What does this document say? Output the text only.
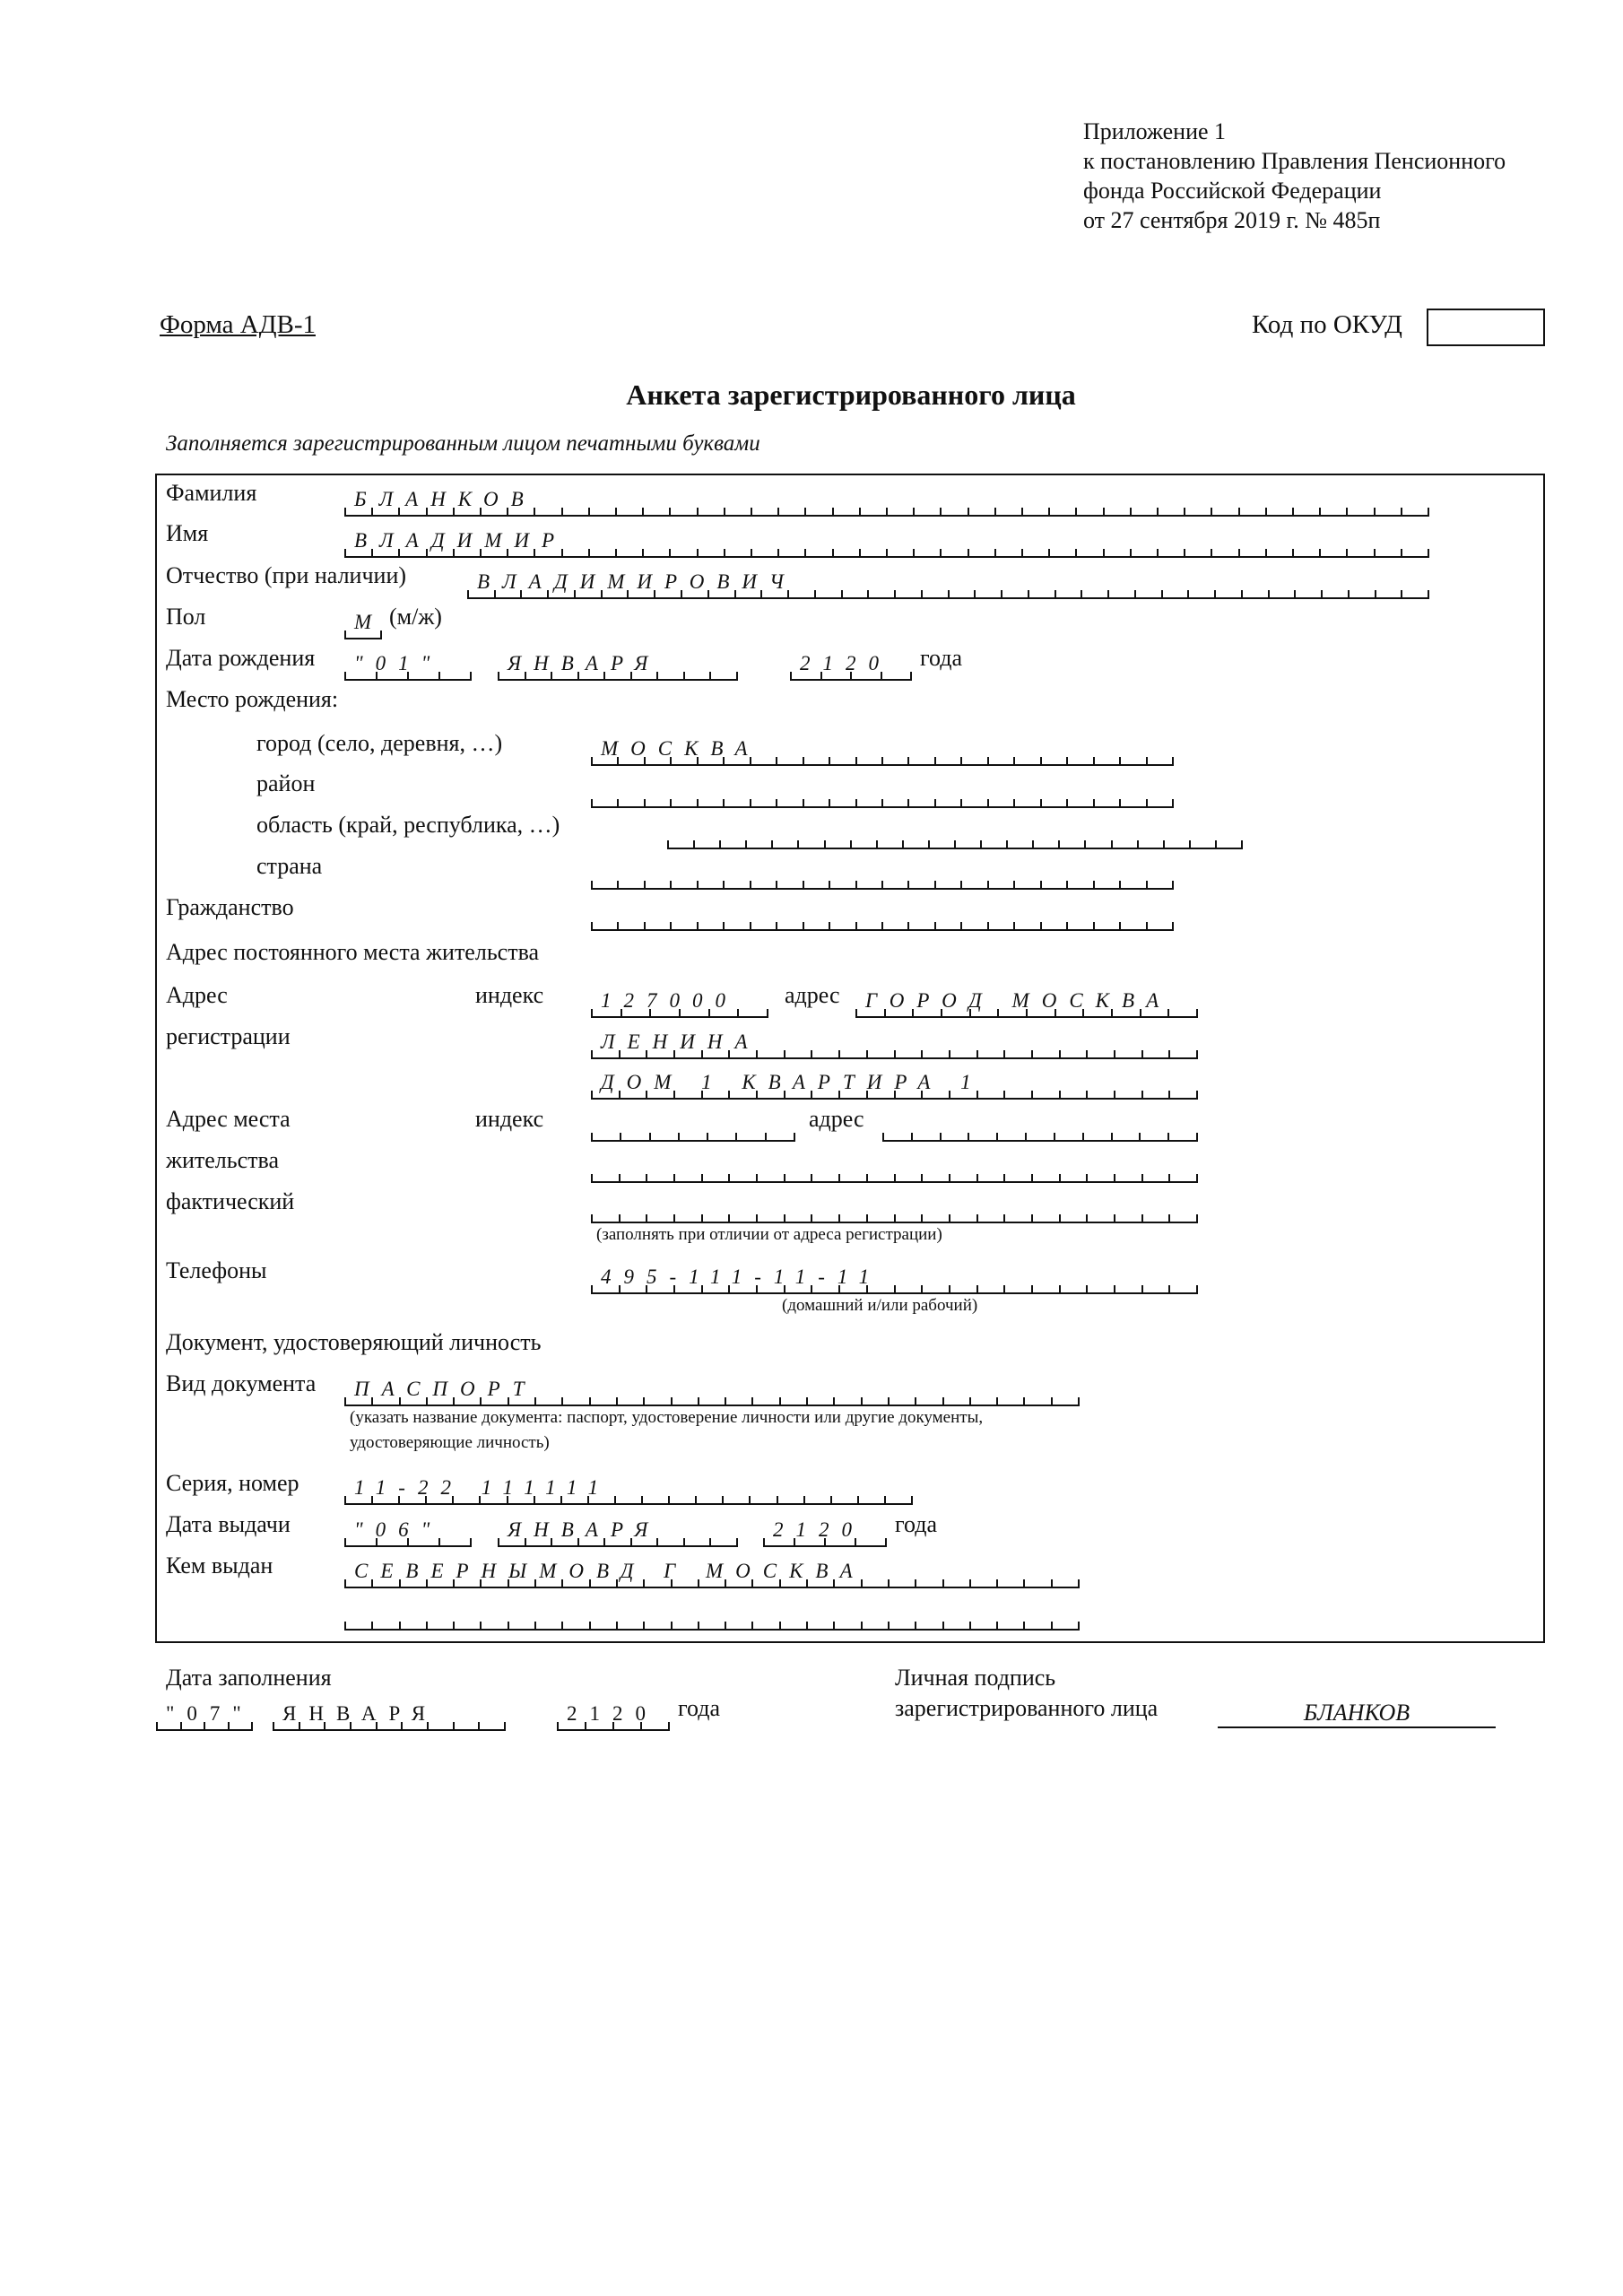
Приложение 1
к постановлению Правления Пенсионного
фонда Российской Федерации
от 27 сентября 2019 г. № 485п
Форма АДВ-1	Код по ОКУД
Анкета зарегистрированного лица
Заполняется зарегистрированным лицом печатными буквами
Фамилия	БЛАНКОВ
Имя	ВЛАДИМИР
Отчество (при наличии)	ВЛАДИМИРОВИЧ
Пол	М (м/ж)
Дата рождения "01"	ЯНВАРЯ	2120 года
Место рождения:
город (село, деревня, …)	МОСКВА
район
область (край, республика, …)
страна
Гражданство
Адрес постоянного места жительства
Адрес
регистрации
индекс	127000 адрес ГОРОД МОСКВА
ЛЕНИНА
ДОМ 1 КВАРТИРА 1
Адрес места
жительства
фактический
индекс	адрес
(заполнять при отличии от адреса регистрации)
Телефоны	495-111-11-11
(домашний и/или рабочий)
Документ, удостоверяющий личность
Вид документа ПАСПОРТ
(указать название документа: паспорт, удостоверение личности или другие документы,
удостоверяющие личность)
Серия, номер	11-22 111111
Дата выдачи	"06"	ЯНВАРЯ	2120 года
Кем выдан	СЕВЕРНЫМОВД Г МОСКВА
Дата заполнения
"07" ЯНВАРЯ	2120 года
Личная подпись
зарегистрированного лица	БЛАНКОВ
